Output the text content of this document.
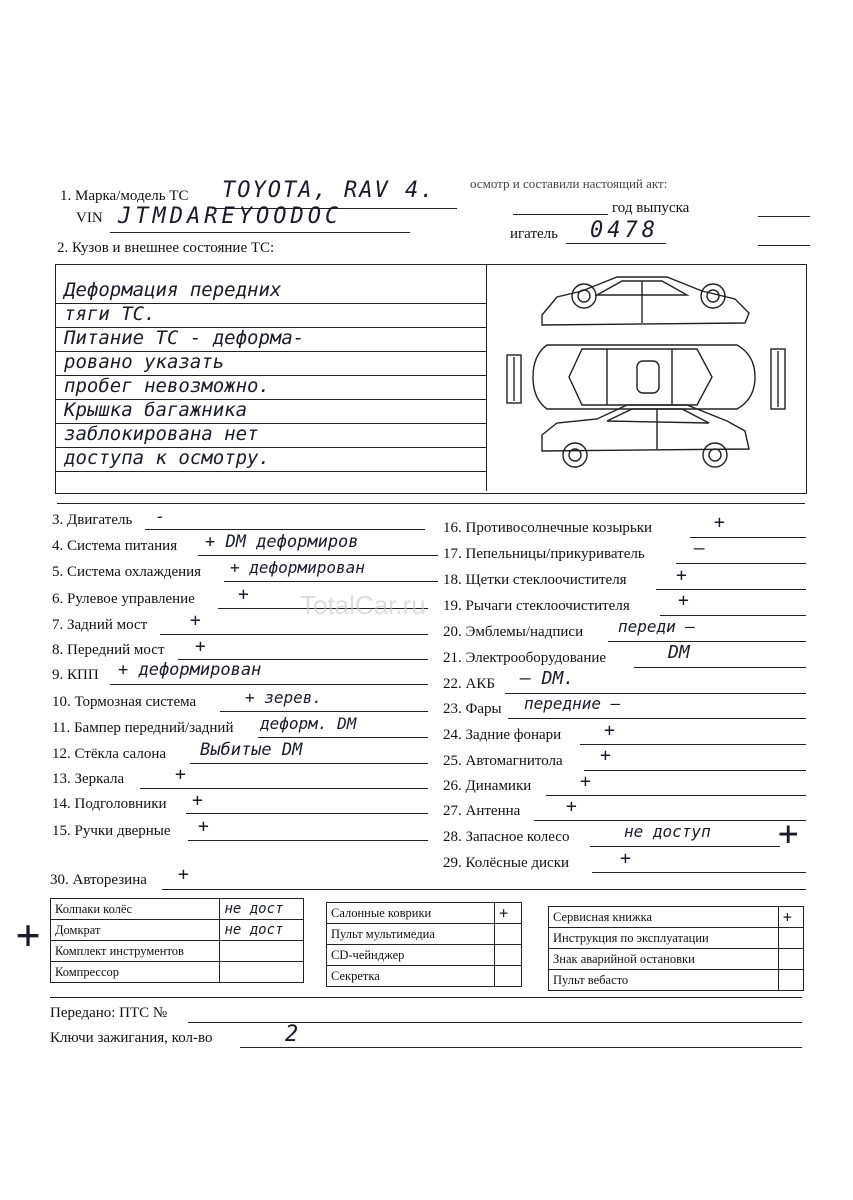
осмотр и составили настоящий акт:
1. Марка/модель ТС TOYOTA, RAV 4.
VIN JTMDAREYOODOC	год выпуска
игатель 0478
2. Кузов и внешнее состояние ТС:
Деформация передних
тяги ТС.
Питание ТС - деформа-
ровано указать
пробег невозможно.
Крышка багажника
заблокирована нет
доступа к осмотру.
3. Двигатель -
4. Система питания + DM деформиров
5. Система охлаждения + деформирован
6. Рулевое управление +
7. Задний мост +
8. Передний мост +
9. КПП + деформирован
10. Тормозная система	+ зерев.
11. Бампер передний/задний деформ. DM
12. Стёкла салона Выбитые DM
13. Зеркала	+
14. Подголовники +
15. Ручки дверные +
16. Противосолнечные козырьки	+
17. Пепельницы/прикуриватель	—
18. Щетки стеклоочистителя	+
19. Рычаги стеклоочистителя	+
20. Эмблемы/надписи переди —
21. Электрооборудование	DM
22. АКБ — DM.
23. Фары передние —
24. Задние фонари +
25. Автомагнитола +
26. Динамики	+
27. Антенна	+
28. Запасное колесо	не доступ
29. Колёсные диски	+
30. Авторезина +
Колпаки колёс	не дост
Домкрат	не дост
Комплект инструментов	
Компрессор	
Салонные коврики	+
Пульт мультимедиа	
CD-чейнджер	
Секретка	
Сервисная книжка	+
Инструкция по эксплуатации	
Знак аварийной остановки	
Пульт вебасто	
+
+
Передано: ПТС №
Ключи зажигания, кол-во	2
TotalCar.ru
